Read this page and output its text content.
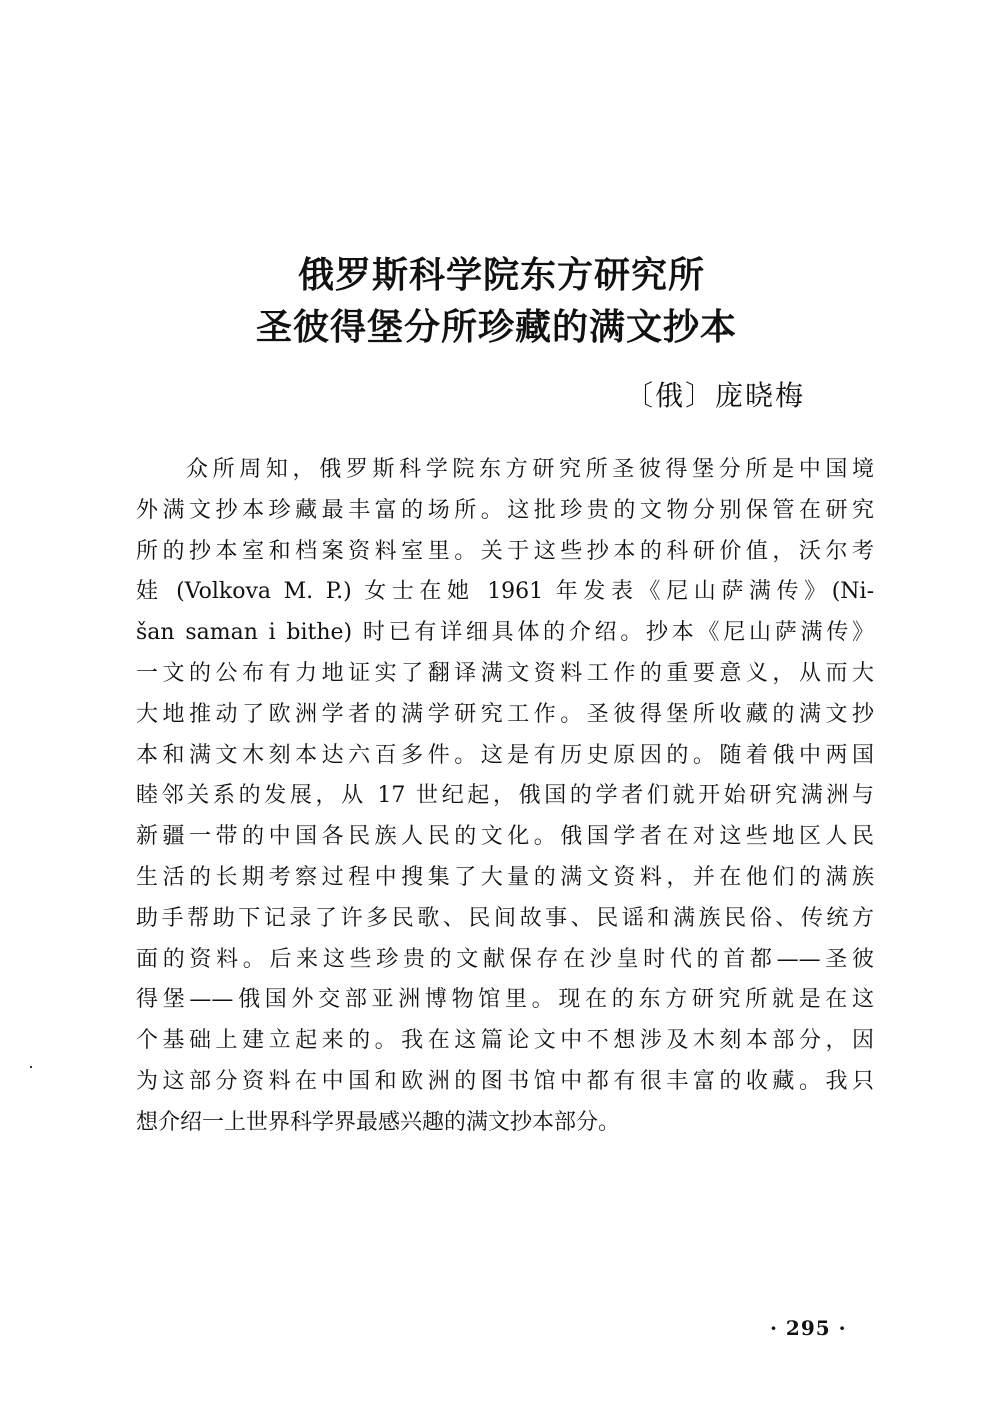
俄罗斯科学院东方研究所
圣彼得堡分所珍藏的满文抄本
〔俄〕庞晓梅
众所周知，俄罗斯科学院东方研究所圣彼得堡分所是中国境
外满文抄本珍藏最丰富的场所。这批珍贵的文物分别保管在研究
所的抄本室和档案资料室里。关于这些抄本的科研价值，沃尔考
娃 (Volkova M. P.) 女士在她 1961 年发表《尼山萨满传》(Ni-
šan saman i bithe) 时已有详细具体的介绍。抄本《尼山萨满传》
一文的公布有力地证实了翻译满文资料工作的重要意义，从而大
大地推动了欧洲学者的满学研究工作。圣彼得堡所收藏的满文抄
本和满文木刻本达六百多件。这是有历史原因的。随着俄中两国
睦邻关系的发展，从 17 世纪起，俄国的学者们就开始研究满洲与
新疆一带的中国各民族人民的文化。俄国学者在对这些地区人民
生活的长期考察过程中搜集了大量的满文资料，并在他们的满族
助手帮助下记录了许多民歌、民间故事、民谣和满族民俗、传统方
面的资料。后来这些珍贵的文献保存在沙皇时代的首都——圣彼
得堡——俄国外交部亚洲博物馆里。现在的东方研究所就是在这
个基础上建立起来的。我在这篇论文中不想涉及木刻本部分，因
为这部分资料在中国和欧洲的图书馆中都有很丰富的收藏。我只
想介绍一上世界科学界最感兴趣的满文抄本部分。
· 295 ·
